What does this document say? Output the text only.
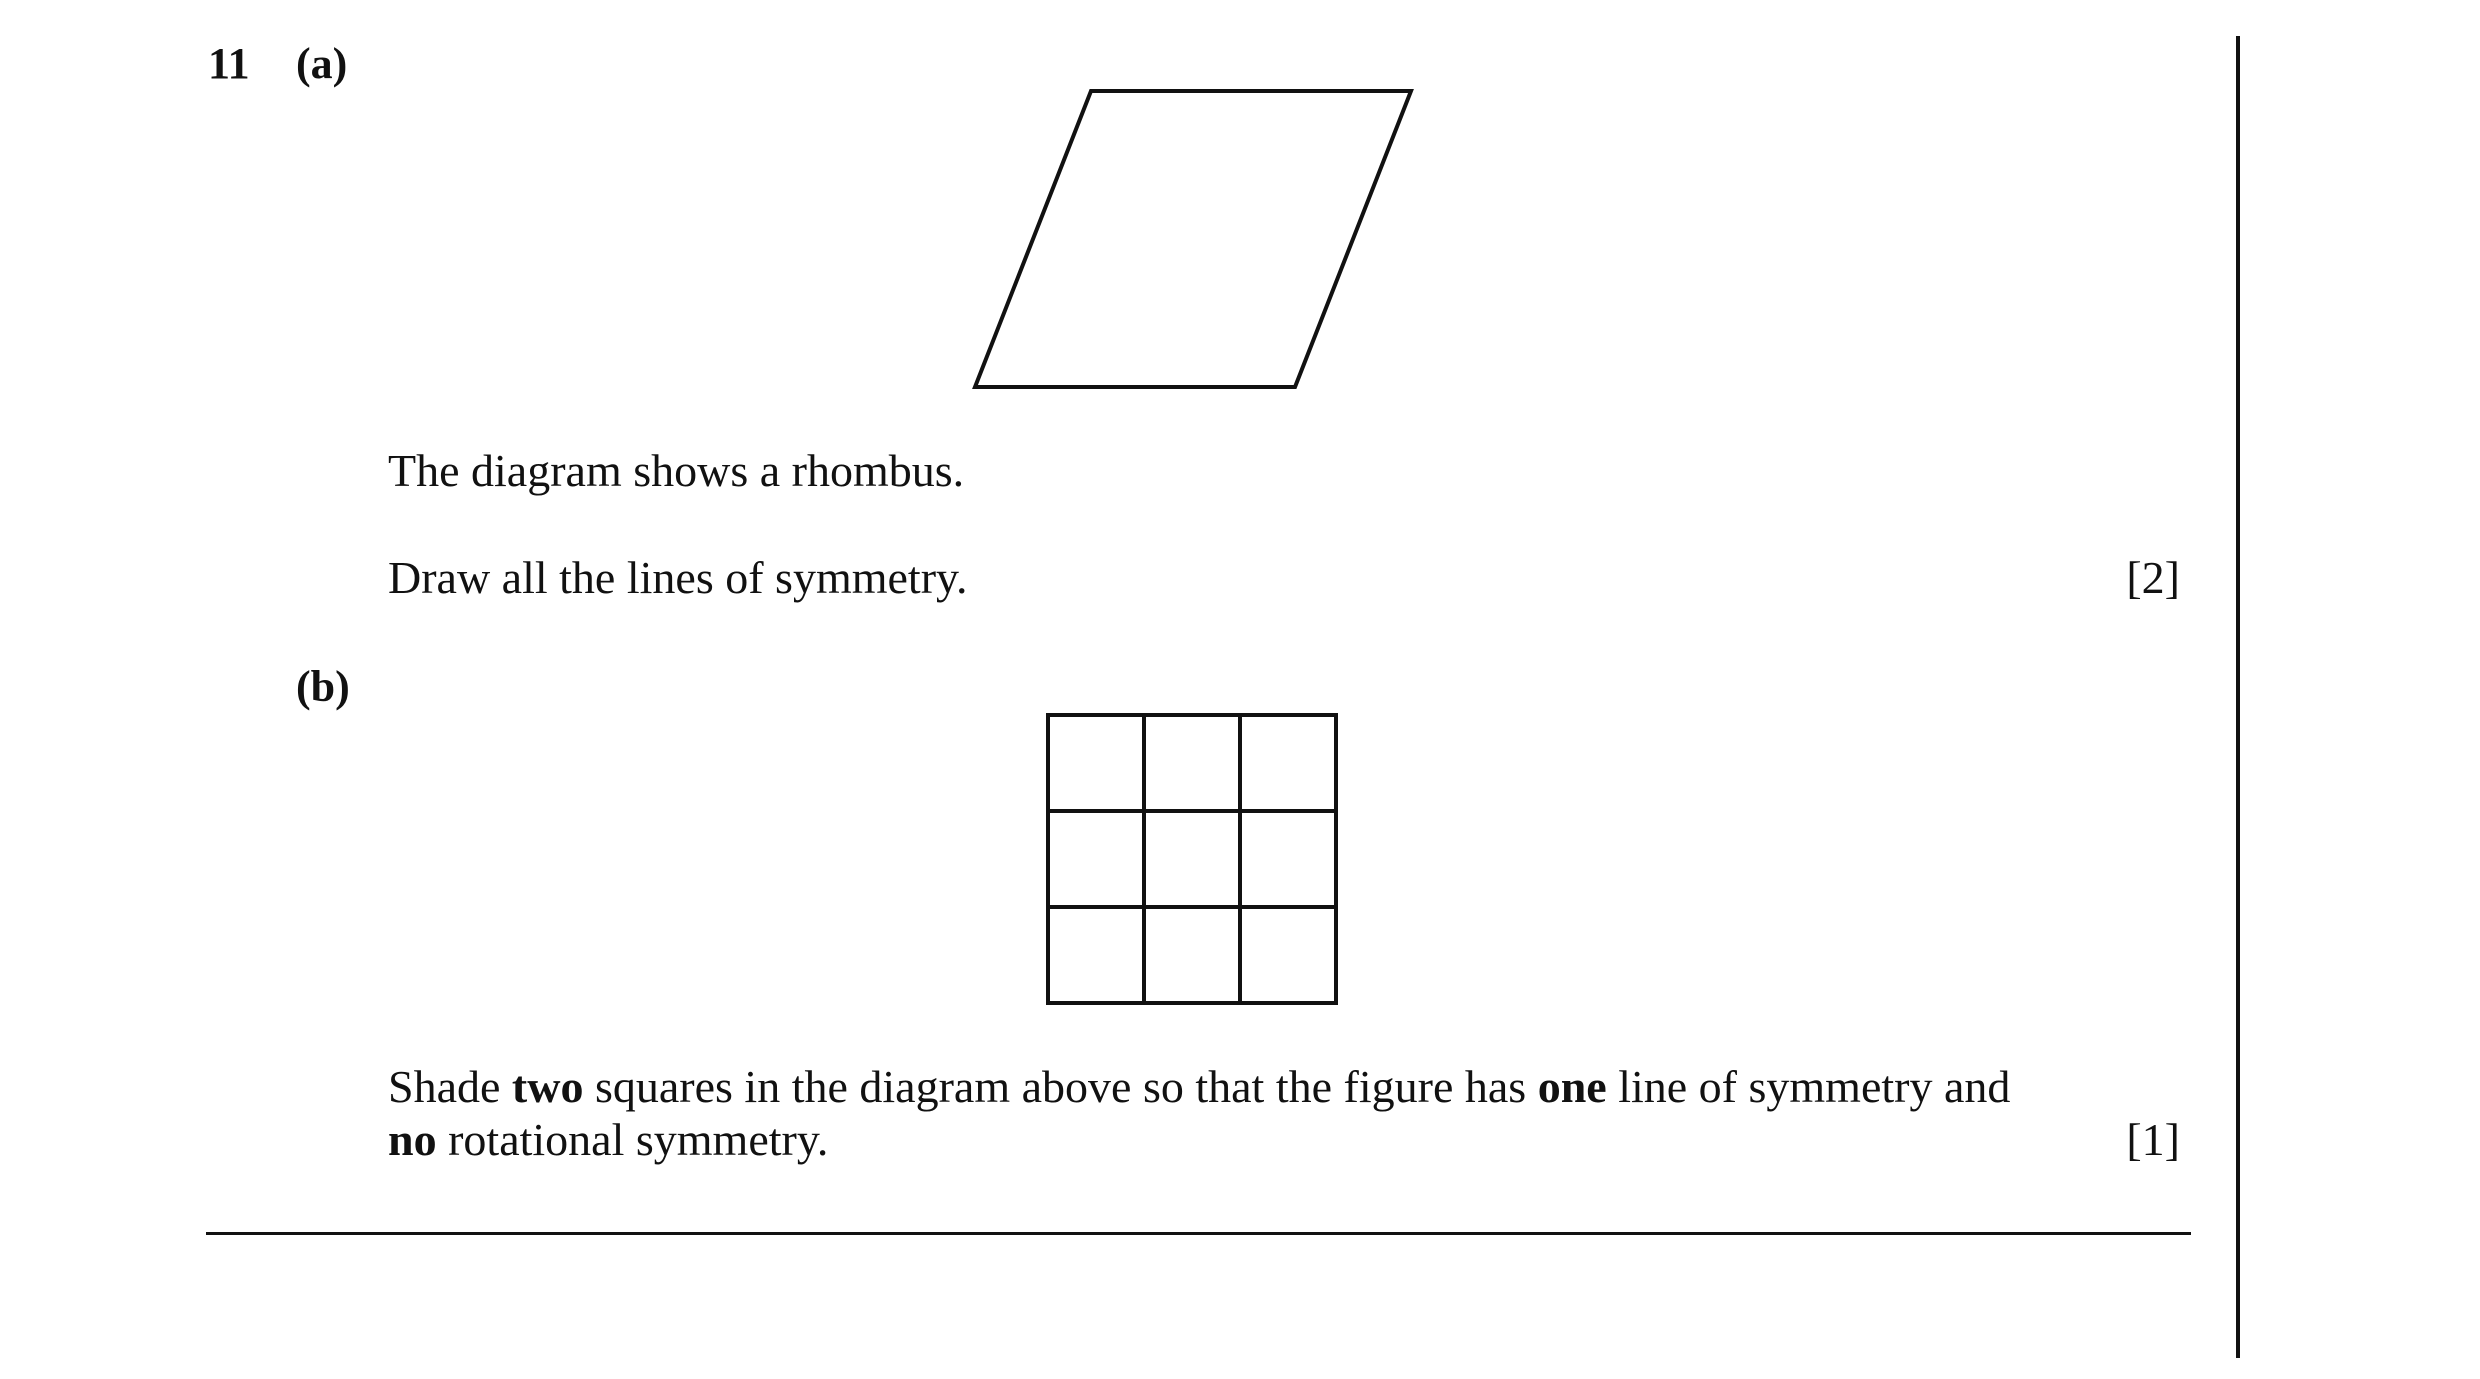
11 (a)
The diagram shows a rhombus.
Draw all the lines of symmetry.	[2]
(b)
Shade two squares in the diagram above so that the figure has one line of symmetry and
no rotational symmetry.	[1]
